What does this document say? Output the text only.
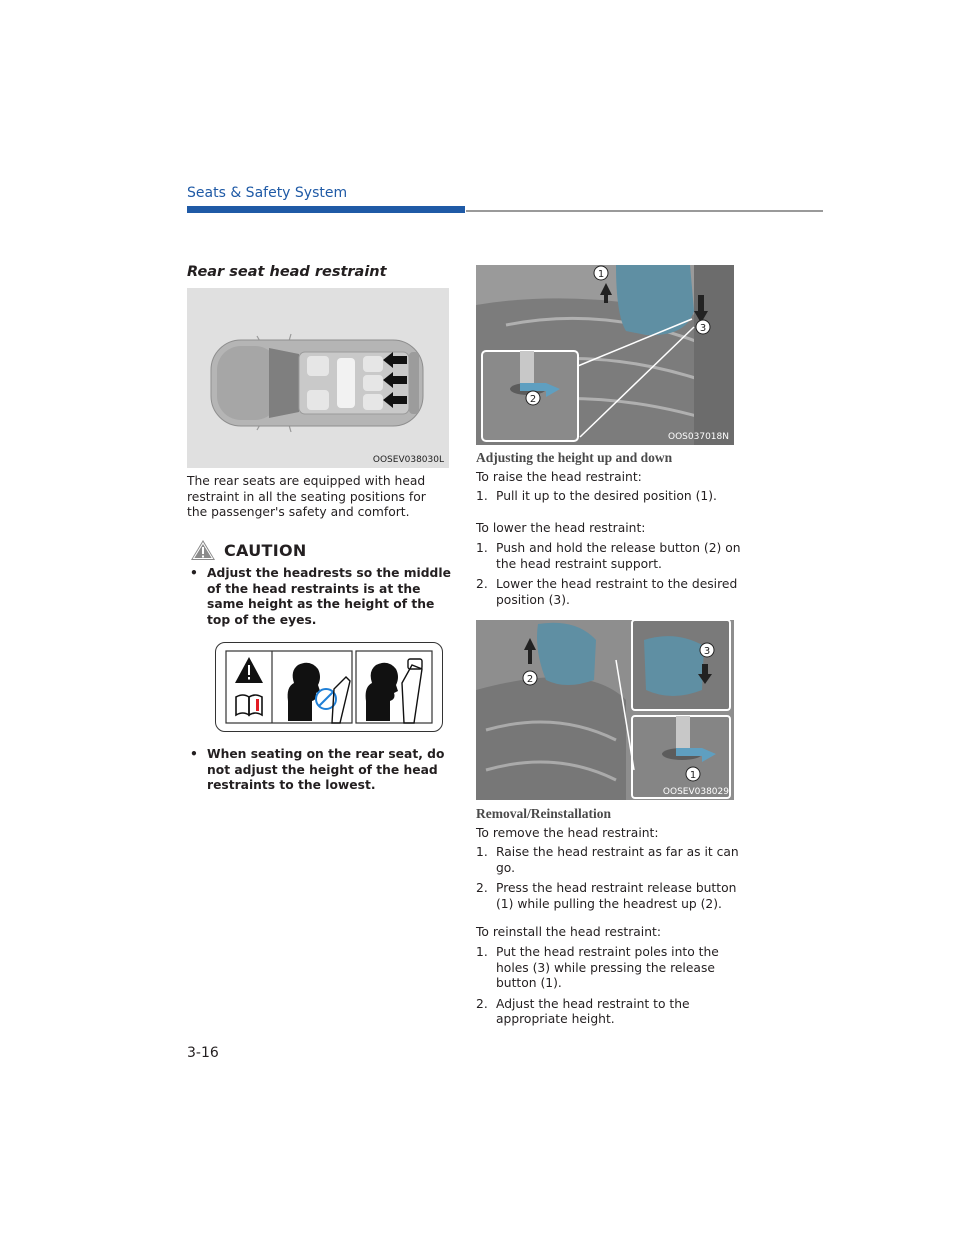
Seats & Safety System
Rear seat head restraint
OOSEV038030L
The rear seats are equipped with head restraint in all the seating positions for the passenger's safety and comfort.
CAUTION
• Adjust the headrests so the middle of the head restraints is at the same height as the height of the top of the eyes.
• When seating on the rear seat, do not adjust the height of the head restraints to the lowest.
1
3
2
OOS037018N
Adjusting the height up and down
To raise the head restraint:
1. Pull it up to the desired position (1).
To lower the head restraint:
1. Push and hold the release button (2) on the head restraint support.
2. Lower the head restraint to the desired position (3).
2
3
1
OOSEV038029
Removal/Reinstallation
To remove the head restraint:
1. Raise the head restraint as far as it can go.
2. Press the head restraint release button (1) while pulling the headrest up (2).
To reinstall the head restraint:
1. Put the head restraint poles into the holes (3) while pressing the release button (1).
2. Adjust the head restraint to the appropriate height.
3-16
